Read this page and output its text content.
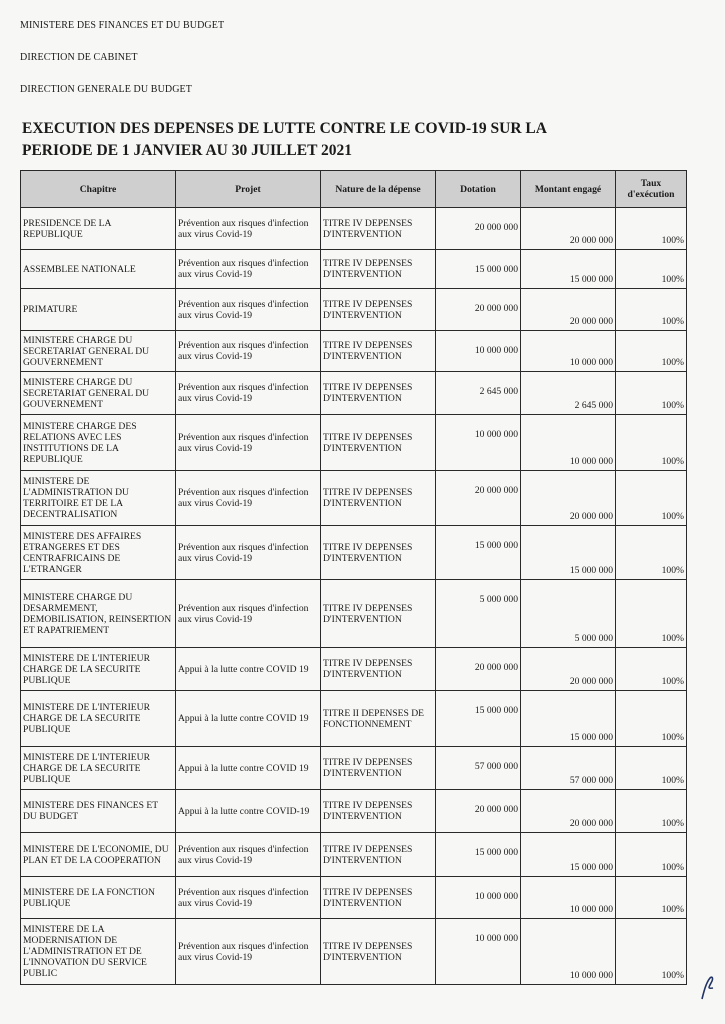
MINISTERE DES FINANCES ET DU BUDGET
DIRECTION DE CABINET
DIRECTION GENERALE DU BUDGET
EXECUTION DES DEPENSES DE LUTTE CONTRE LE COVID-19 SUR LA
PERIODE DE 1 JANVIER AU 30 JUILLET 2021
Chapitre	Projet	Nature de la dépense	Dotation	Montant engagé	Taux d'exécution
PRESIDENCE DE LA REPUBLIQUE	Prévention aux risques d'infection aux virus Covid-19	TITRE IV DEPENSES D'INTERVENTION	20 000 000	20 000 000	100%
ASSEMBLEE NATIONALE	Prévention aux risques d'infection aux virus Covid-19	TITRE IV DEPENSES D'INTERVENTION	15 000 000	15 000 000	100%
PRIMATURE	Prévention aux risques d'infection aux virus Covid-19	TITRE IV DEPENSES D'INTERVENTION	20 000 000	20 000 000	100%
MINISTERE CHARGE DU SECRETARIAT GENERAL DU GOUVERNEMENT	Prévention aux risques d'infection aux virus Covid-19	TITRE IV DEPENSES D'INTERVENTION	10 000 000	10 000 000	100%
MINISTERE CHARGE DU SECRETARIAT GENERAL DU GOUVERNEMENT	Prévention aux risques d'infection aux virus Covid-19	TITRE IV DEPENSES D'INTERVENTION	2 645 000	2 645 000	100%
MINISTERE CHARGE DES RELATIONS AVEC LES INSTITUTIONS DE LA REPUBLIQUE	Prévention aux risques d'infection aux virus Covid-19	TITRE IV DEPENSES D'INTERVENTION	10 000 000	10 000 000	100%
MINISTERE DE L'ADMINISTRATION DU TERRITOIRE ET DE LA DECENTRALISATION	Prévention aux risques d'infection aux virus Covid-19	TITRE IV DEPENSES D'INTERVENTION	20 000 000	20 000 000	100%
MINISTERE DES AFFAIRES ETRANGERES ET DES CENTRAFRICAINS DE L'ETRANGER	Prévention aux risques d'infection aux virus Covid-19	TITRE IV DEPENSES D'INTERVENTION	15 000 000	15 000 000	100%
MINISTERE CHARGE DU DESARMEMENT, DEMOBILISATION, REINSERTION ET RAPATRIEMENT	Prévention aux risques d'infection aux virus Covid-19	TITRE IV DEPENSES D'INTERVENTION	5 000 000	5 000 000	100%
MINISTERE DE L'INTERIEUR CHARGE DE LA SECURITE PUBLIQUE	Appui à la lutte contre COVID 19	TITRE IV DEPENSES D'INTERVENTION	20 000 000	20 000 000	100%
MINISTERE DE L'INTERIEUR CHARGE DE LA SECURITE PUBLIQUE	Appui à la lutte contre COVID 19	TITRE II DEPENSES DE FONCTIONNEMENT	15 000 000	15 000 000	100%
MINISTERE DE L'INTERIEUR CHARGE DE LA SECURITE PUBLIQUE	Appui à la lutte contre COVID 19	TITRE IV DEPENSES D'INTERVENTION	57 000 000	57 000 000	100%
MINISTERE DES FINANCES ET DU BUDGET	Appui à la lutte contre COVID-19	TITRE IV DEPENSES D'INTERVENTION	20 000 000	20 000 000	100%
MINISTERE DE L'ECONOMIE, DU PLAN ET DE LA COOPERATION	Prévention aux risques d'infection aux virus Covid-19	TITRE IV DEPENSES D'INTERVENTION	15 000 000	15 000 000	100%
MINISTERE DE LA FONCTION PUBLIQUE	Prévention aux risques d'infection aux virus Covid-19	TITRE IV DEPENSES D'INTERVENTION	10 000 000	10 000 000	100%
MINISTERE DE LA MODERNISATION DE L'ADMINISTRATION ET DE L'INNOVATION DU SERVICE PUBLIC	Prévention aux risques d'infection aux virus Covid-19	TITRE IV DEPENSES D'INTERVENTION	10 000 000	10 000 000	100%
